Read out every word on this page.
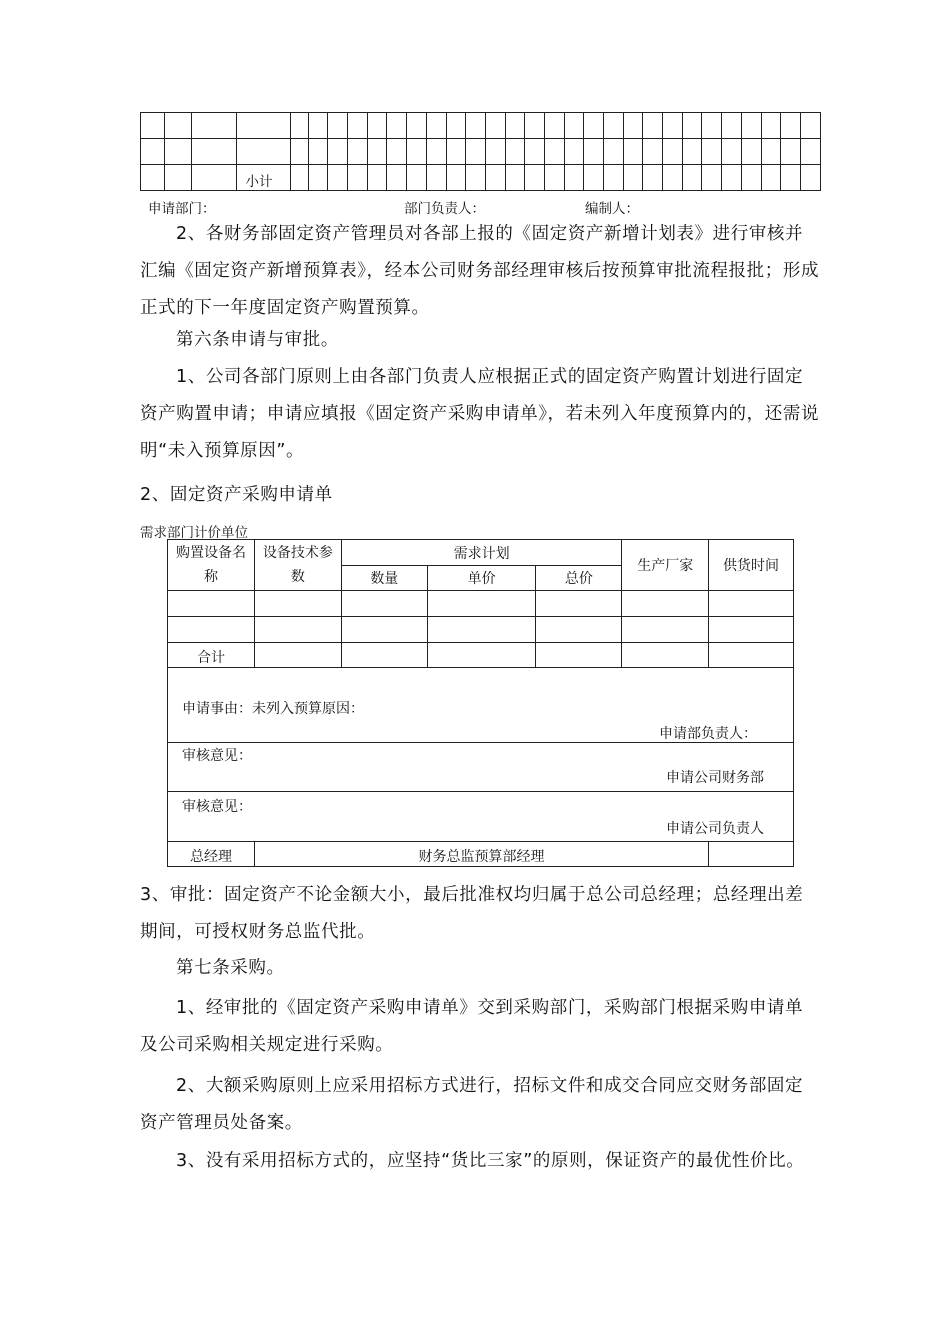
			小计																											
申请部门：	部门负责人：	编制人：
2、各财务部固定资产管理员对各部上报的《固定资产新增计划表》进行审核并汇编《固定资产新增预算表》，经本公司财务部经理审核后按预算审批流程报批；形成正式的下一年度固定资产购置预算。
第六条申请与审批。
1、公司各部门原则上由各部门负责人应根据正式的固定资产购置计划进行固定资产购置申请；申请应填报《固定资产采购申请单》，若未列入年度预算内的，还需说明“未入预算原因”。
2、固定资产采购申请单
需求部门计价单位
购置设备名称	设备技术参数	需求计划			生产厂家	供货时间
		数量	单价	总价		

合计						

申请事由：未列入预算原因：
申请部负责人：						

审核意见：
申请公司财务部						

审核意见：
申请公司负责人						

总经理	财务总监预算部经理					
3、审批：固定资产不论金额大小，最后批准权均归属于总公司总经理；总经理出差期间，可授权财务总监代批。
第七条采购。
1、经审批的《固定资产采购申请单》交到采购部门，采购部门根据采购申请单及公司采购相关规定进行采购。
2、大额采购原则上应采用招标方式进行，招标文件和成交合同应交财务部固定资产管理员处备案。
3、没有采用招标方式的，应坚持“货比三家”的原则，保证资产的最优性价比。
